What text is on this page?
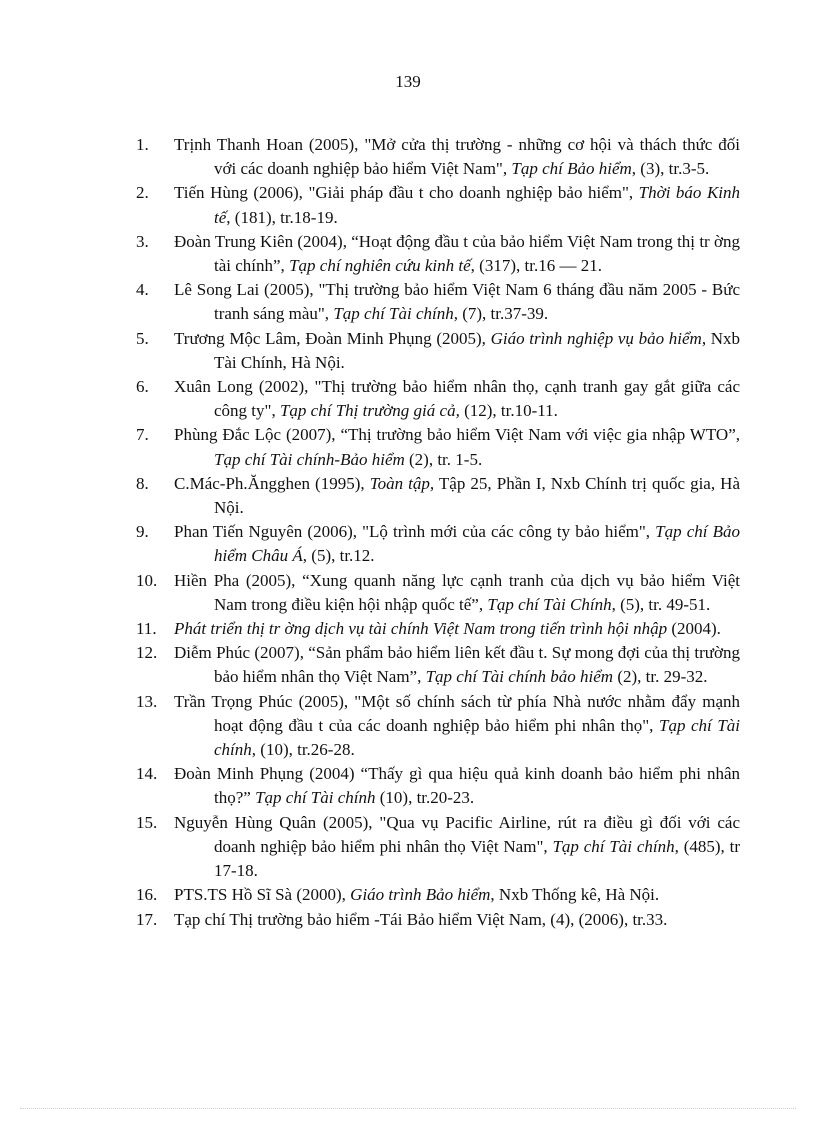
139
1. Trịnh Thanh Hoan (2005), "Mở cửa thị trường - những cơ hội và thách thức đối với các doanh nghiệp bảo hiểm Việt Nam", Tạp chí Bảo hiểm, (3), tr.3-5.
2. Tiến Hùng (2006), "Giải pháp đầu t cho doanh nghiệp bảo hiểm", Thời báo Kinh tế, (181), tr.18-19.
3. Đoàn Trung Kiên (2004), “Hoạt động đầu t của bảo hiểm Việt Nam trong thị tr ờng tài chính”, Tạp chí nghiên cứu kinh tế, (317), tr.16 — 21.
4. Lê Song Lai (2005), "Thị trường bảo hiểm Việt Nam 6 tháng đầu năm 2005 - Bức tranh sáng màu", Tạp chí Tài chính, (7), tr.37-39.
5. Trương Mộc Lâm, Đoàn Minh Phụng (2005), Giáo trình nghiệp vụ bảo hiểm, Nxb Tài Chính, Hà Nội.
6. Xuân Long (2002), "Thị trường bảo hiểm nhân thọ, cạnh tranh gay gắt giữa các công ty", Tạp chí Thị trường giá cả, (12), tr.10-11.
7. Phùng Đắc Lộc (2007), “Thị trường bảo hiểm Việt Nam với việc gia nhập WTO”, Tạp chí Tài chính-Bảo hiểm (2), tr. 1-5.
8. C.Mác-Ph.Ăngghen (1995), Toàn tập, Tập 25, Phần I, Nxb Chính trị quốc gia, Hà Nội.
9. Phan Tiến Nguyên (2006), "Lộ trình mới của các công ty bảo hiểm", Tạp chí Bảo hiểm Châu Á, (5), tr.12.
10. Hiền Pha (2005), “Xung quanh năng lực cạnh tranh của dịch vụ bảo hiểm Việt Nam trong điều kiện hội nhập quốc tế”, Tạp chí Tài Chính, (5), tr. 49-51.
11. Phát triển thị tr ờng dịch vụ tài chính Việt Nam trong tiến trình hội nhập (2004).
12. Diễm Phúc (2007), “Sản phẩm bảo hiểm liên kết đầu t. Sự mong đợi của thị trường bảo hiểm nhân thọ Việt Nam”, Tạp chí Tài chính bảo hiểm (2), tr. 29-32.
13. Trần Trọng Phúc (2005), "Một số chính sách từ phía Nhà nước nhằm đẩy mạnh hoạt động đầu t của các doanh nghiệp bảo hiểm phi nhân thọ", Tạp chí Tài chính, (10), tr.26-28.
14. Đoàn Minh Phụng (2004) “Thấy gì qua hiệu quả kinh doanh bảo hiểm phi nhân thọ?” Tạp chí Tài chính (10), tr.20-23.
15. Nguyễn Hùng Quân (2005), "Qua vụ Pacific Airline, rút ra điều gì đối với các doanh nghiệp bảo hiểm phi nhân thọ Việt Nam", Tạp chí Tài chính, (485), tr 17-18.
16. PTS.TS Hồ Sĩ Sà (2000), Giáo trình Bảo hiểm, Nxb Thống kê, Hà Nội.
17. Tạp chí Thị trường bảo hiểm -Tái Bảo hiểm Việt Nam, (4), (2006), tr.33.
